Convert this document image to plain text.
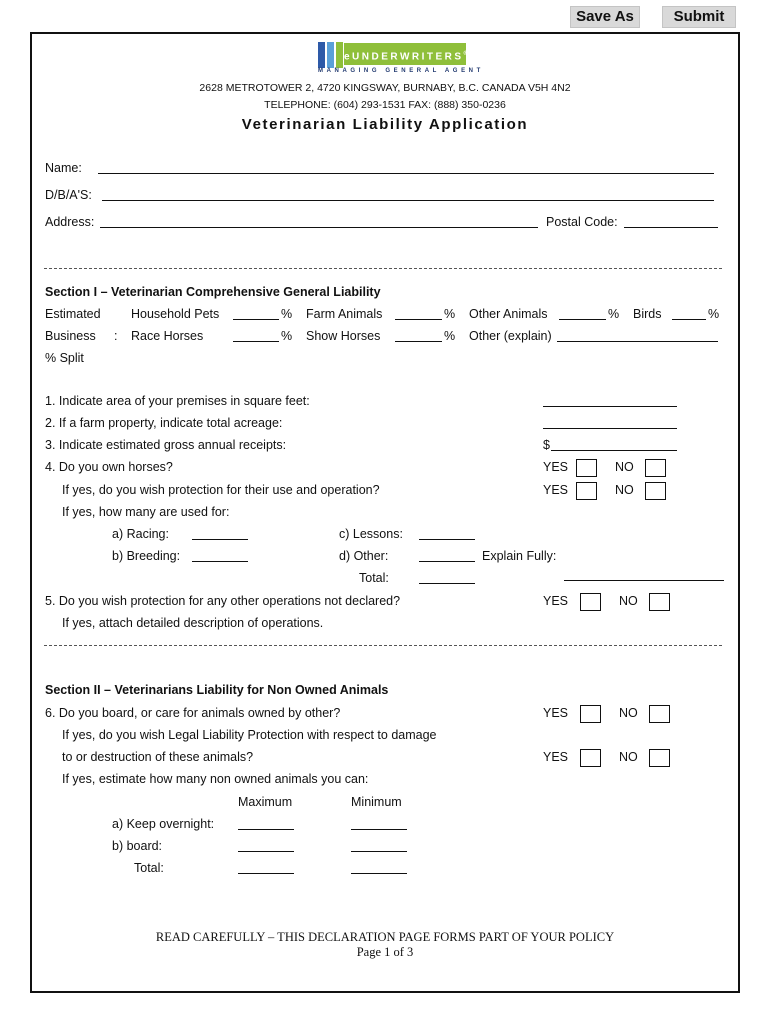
Save As	Submit
eUNDERWRITERS®
MANAGING GENERAL AGENT
2628 METROTOWER 2, 4720 KINGSWAY, BURNABY, B.C. CANADA V5H 4N2
TELEPHONE: (604) 293-1531 FAX: (888) 350-0236
Veterinarian Liability Application
Name:
D/B/A'S:
Address:	Postal Code:
Section I – Veterinarian Comprehensive General Liability
Estimated
Business :
% Split
Household Pets	% Farm Animals	% Other Animals	% Birds	%
Race Horses	% Show Horses	% Other (explain)
1. Indicate area of your premises in square feet:
2. If a farm property, indicate total acreage:
3. Indicate estimated gross annual receipts:	$
4. Do you own horses?	YES	NO
If yes, do you wish protection for their use and operation?	YES	NO
If yes, how many are used for:
a) Racing:	c) Lessons:
b) Breeding:	d) Other:	Explain Fully:
Total:
5. Do you wish protection for any other operations not declared?	YES	NO
If yes, attach detailed description of operations.
Section II – Veterinarians Liability for Non Owned Animals
6. Do you board, or care for animals owned by other?	YES	NO
If yes, do you wish Legal Liability Protection with respect to damage
to or destruction of these animals?	YES	NO
If yes, estimate how many non owned animals you can:
Maximum	Minimum
a) Keep overnight:
b) board:
Total:
READ CAREFULLY – THIS DECLARATION PAGE FORMS PART OF YOUR POLICY
Page 1 of 3
